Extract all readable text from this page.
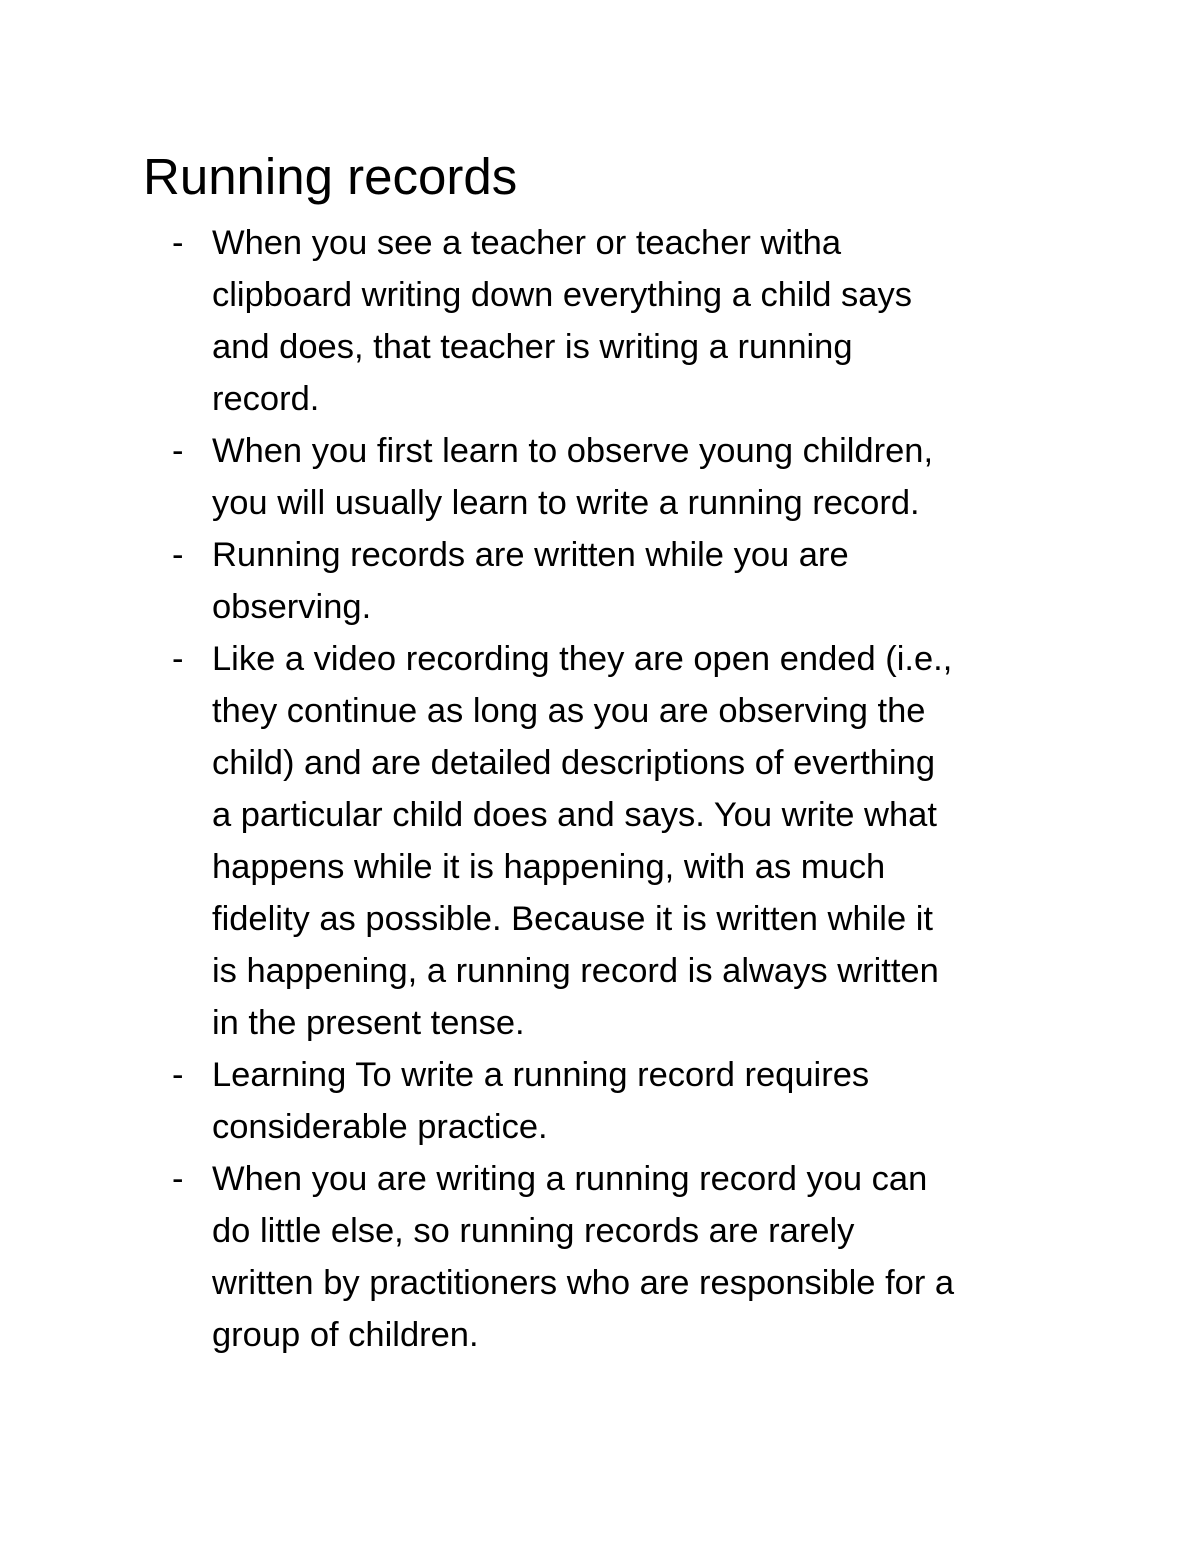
Running records
- When you see a teacher or teacher witha
clipboard writing down everything a child says
and does, that teacher is writing a running
record.
- When you first learn to observe young children,
you will usually learn to write a running record.
- Running records are written while you are
observing.
- Like a video recording they are open ended (i.e.,
they continue as long as you are observing the
child) and are detailed descriptions of everthing
a particular child does and says. You write what
happens while it is happening, with as much
fidelity as possible. Because it is written while it
is happening, a running record is always written
in the present tense.
- Learning To write a running record requires
considerable practice.
- When you are writing a running record you can
do little else, so running records are rarely
written by practitioners who are responsible for a
group of children.
